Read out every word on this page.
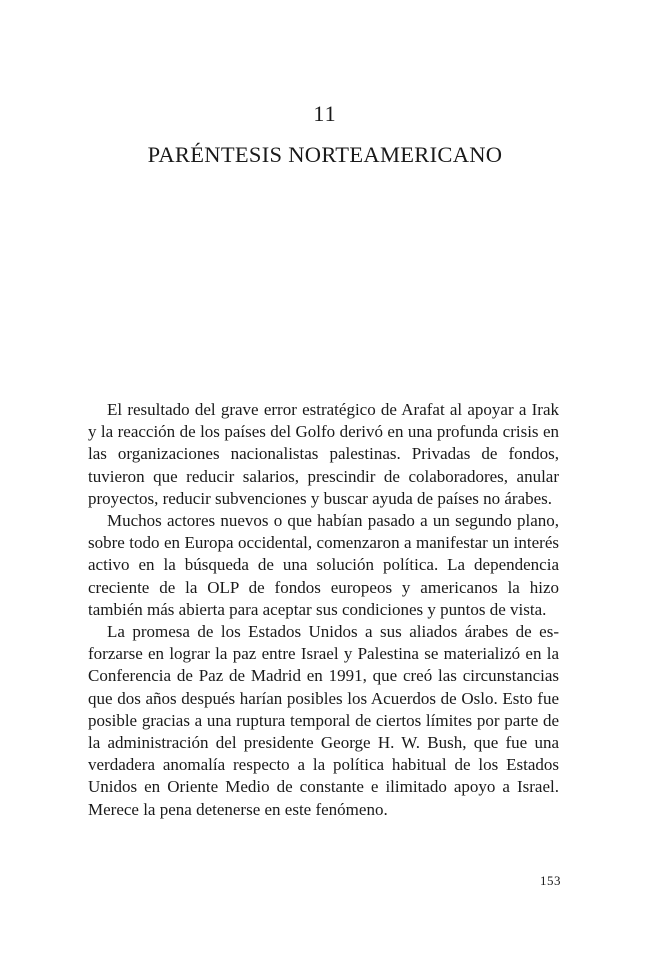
11
PARÉNTESIS NORTEAMERICANO

El resultado del grave error estratégico de Arafat al apoyar a Irak y la reacción de los países del Golfo derivó en una profunda crisis en las organizaciones nacionalistas palestinas. Privadas de fondos, tuvieron que reducir salarios, prescindir de colaboradores, anular proyectos, reducir subvenciones y buscar ayuda de países no árabes.

Muchos actores nuevos o que habían pasado a un segundo plano, sobre todo en Europa occidental, comenzaron a manifestar un interés activo en la búsqueda de una solución política. La dependencia creciente de la OLP de fondos europeos y americanos la hizo también más abierta para aceptar sus condiciones y puntos de vista.

La promesa de los Estados Unidos a sus aliados árabes de esforzarse en lograr la paz entre Israel y Palestina se materializó en la Conferencia de Paz de Madrid en 1991, que creó las circunstancias que dos años después harían posibles los Acuerdos de Oslo. Esto fue posible gracias a una ruptura temporal de ciertos límites por parte de la administración del presidente George H. W. Bush, que fue una verdadera anomalía respecto a la política habitual de los Estados Unidos en Oriente Medio de constante e ilimitado apoyo a Israel. Merece la pena detenerse en este fenómeno.

153
